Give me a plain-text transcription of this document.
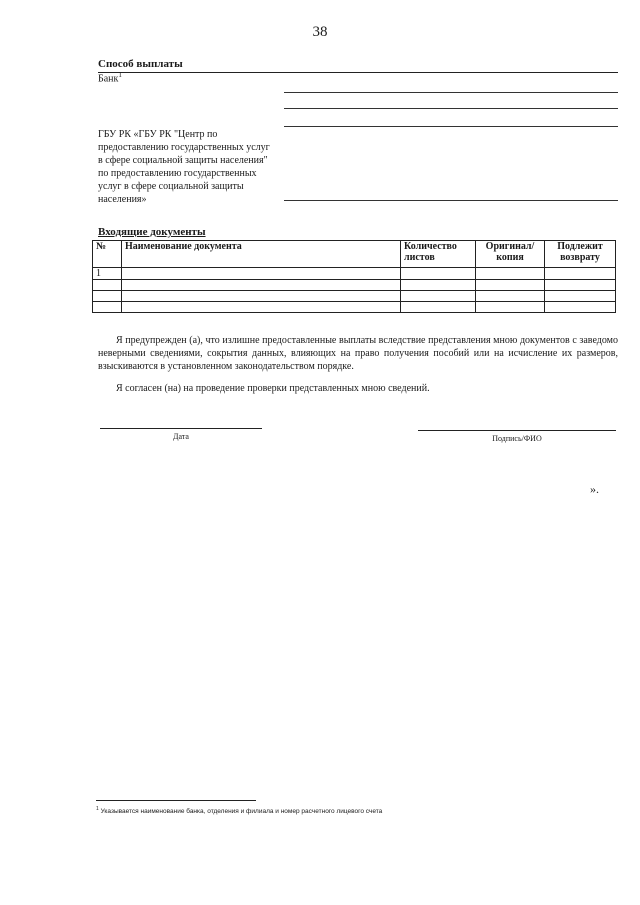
38
Способ выплаты
Банк$^1$
ГБУ РК «ГБУ РК "Центр по предоставлению государственных услуг в сфере социальной защиты населения" по предоставлению государственных услуг в сфере социальной защиты населения»
Входящие документы
№	Наименование документа	Количество листов	Оригинал/ копия	Подлежит возврату
1				

Я предупрежден (а), что излишне предоставленные выплаты вследствие представления мною документов с заведомо неверными сведениями, сокрытия данных, влияющих на право получения пособий или на исчисление их размеров, взыскиваются в установленном законодательством порядке.
Я согласен (на) на проведение проверки представленных мною сведений.
Дата	Подпись/ФИО
».
$^1$ Указывается наименование банка, отделения и филиала и номер расчетного лицевого счета
